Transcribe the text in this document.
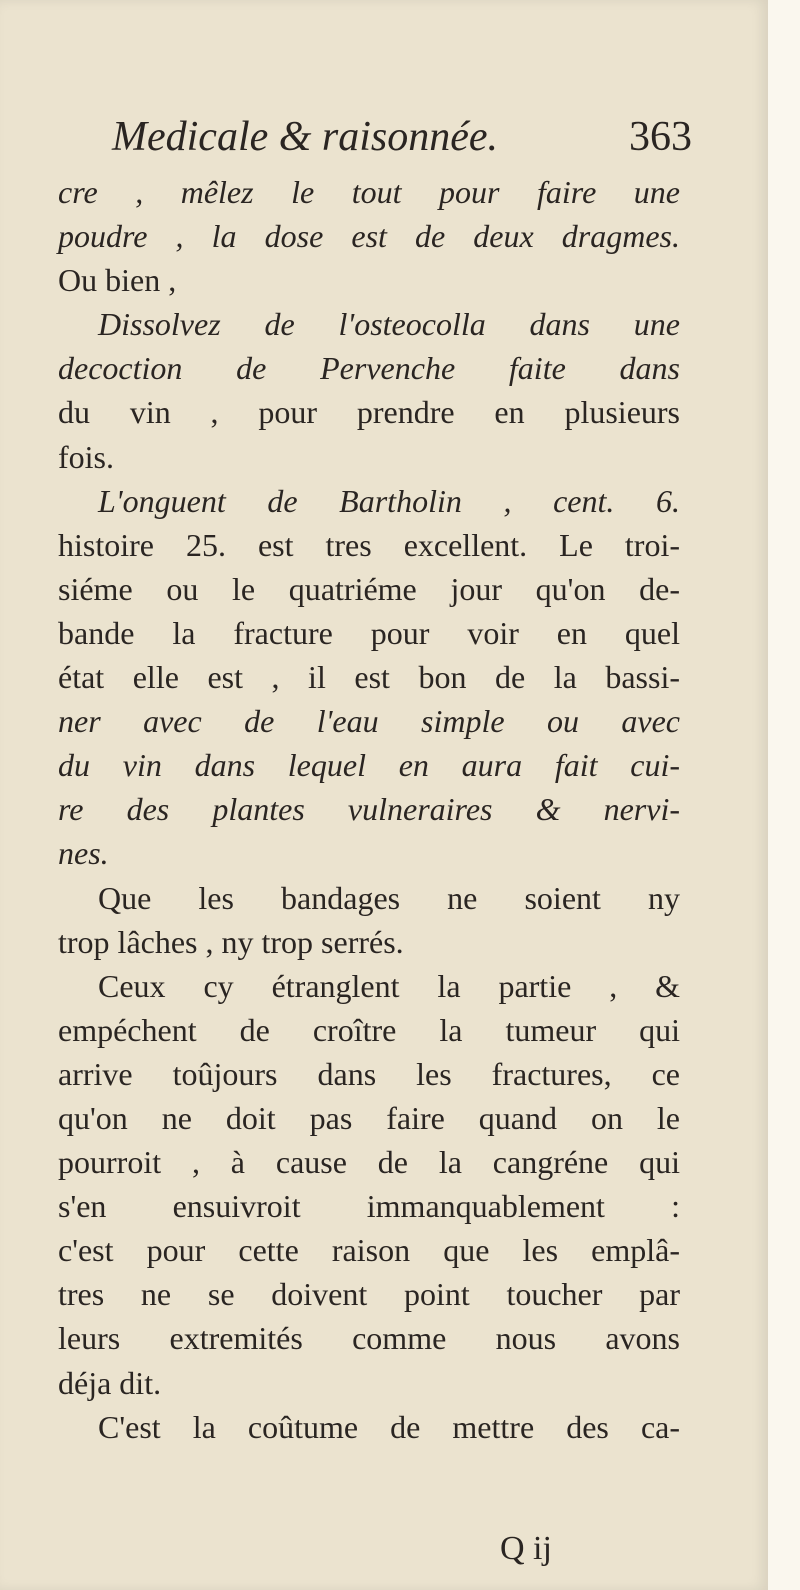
Medicale & raisonnée.	363
cre , mêlez le tout pour faire une
poudre , la dose est de deux dragmes.
Ou bien ,
Dissolvez de l'osteocolla dans une
decoction de Pervenche faite dans
du vin , pour prendre en plusieurs
fois.
L'onguent de Bartholin , cent. 6.
histoire 25. est tres excellent. Le troi-
siéme ou le quatriéme jour qu'on de-
bande la fracture pour voir en quel
état elle est , il est bon de la bassi-
ner avec de l'eau simple ou avec
du vin dans lequel en aura fait cui-
re des plantes vulneraires & nervi-
nes.
Que les bandages ne soient ny
trop lâches , ny trop serrés.
Ceux cy étranglent la partie , &
empéchent de croître la tumeur qui
arrive toûjours dans les fractures, ce
qu'on ne doit pas faire quand on le
pourroit , à cause de la cangréne qui
s'en ensuivroit immanquablement :
c'est pour cette raison que les emplâ-
tres ne se doivent point toucher par
leurs extremités comme nous avons
déja dit.
C'est la coûtume de mettre des ca-
Q ij
